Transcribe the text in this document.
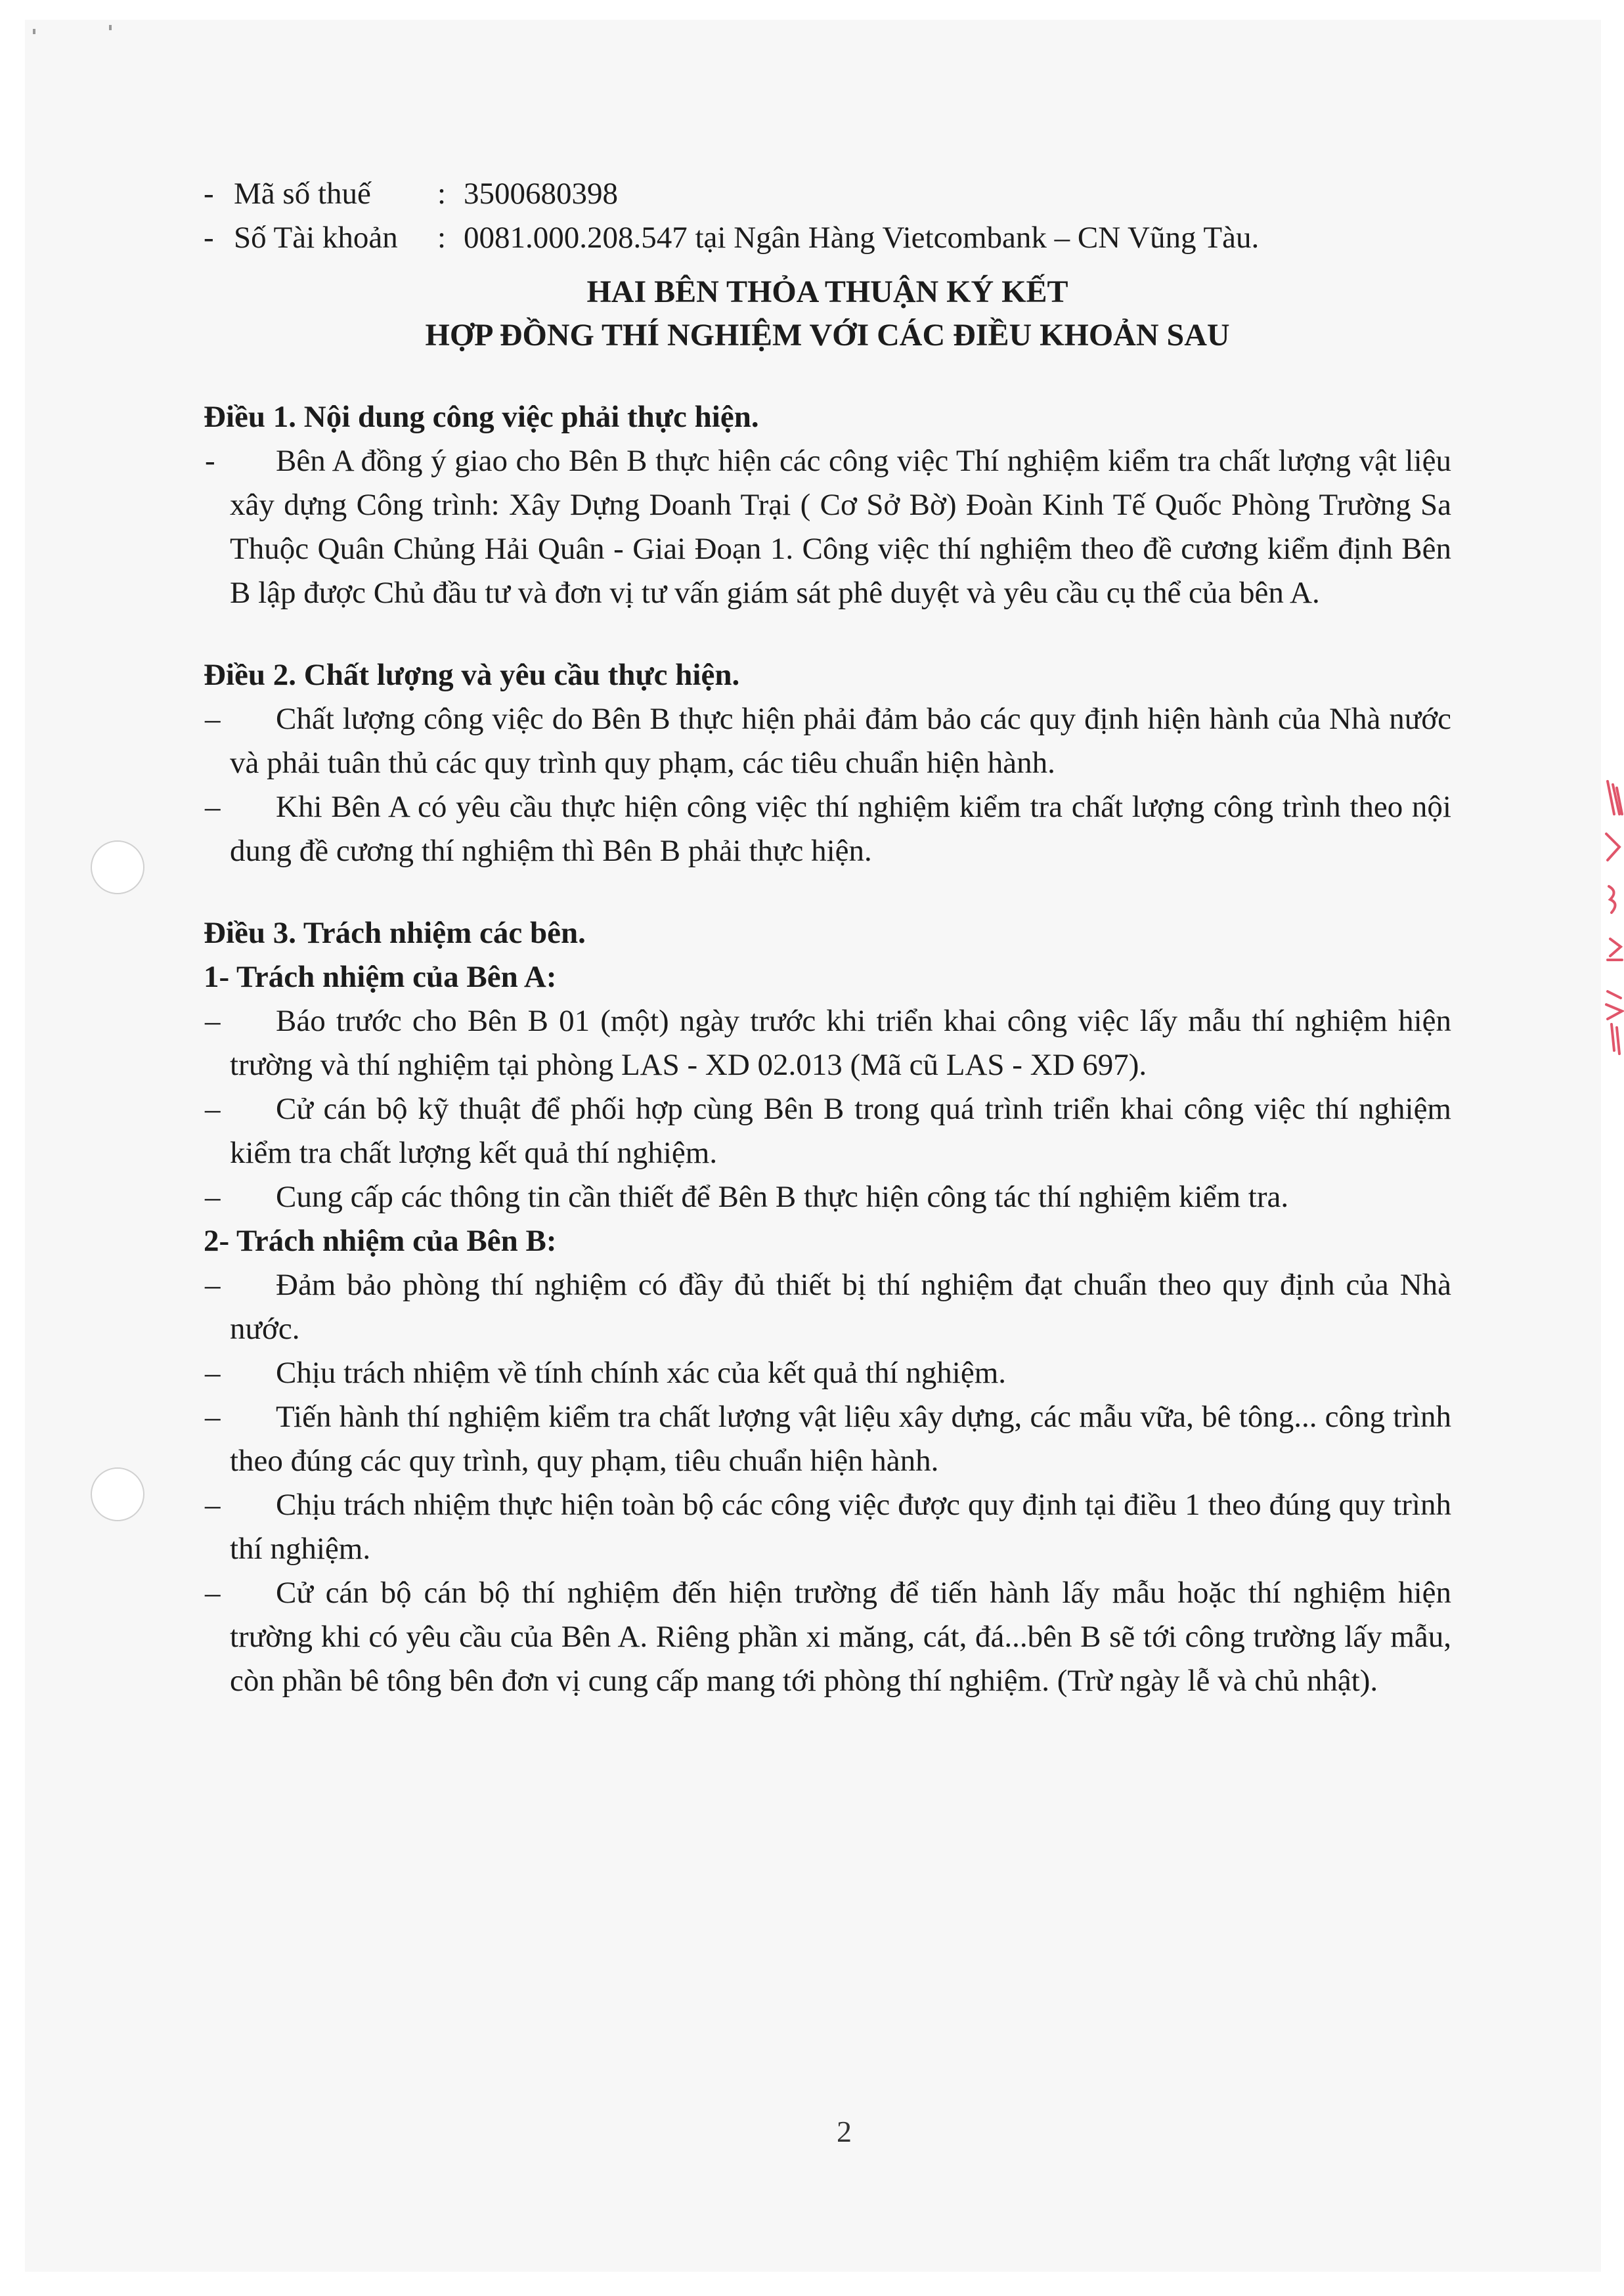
2
- Mã số thuế	: 3500680398
- Số Tài khoản	: 0081.000.208.547 tại Ngân Hàng Vietcombank – CN Vũng Tàu.
HAI BÊN THỎA THUẬN KÝ KẾT
HỢP ĐỒNG THÍ NGHIỆM VỚI CÁC ĐIỀU KHOẢN SAU
Điều 1. Nội dung công việc phải thực hiện.
-	Bên A đồng ý giao cho Bên B thực hiện các công việc Thí nghiệm kiểm tra chất lượng vật liệu xây dựng Công trình: Xây Dựng Doanh Trại ( Cơ Sở Bờ) Đoàn Kinh Tế Quốc Phòng Trường Sa Thuộc Quân Chủng Hải Quân - Giai Đoạn 1. Công việc thí nghiệm theo đề cương kiểm định Bên B lập được Chủ đầu tư và đơn vị tư vấn giám sát phê duyệt và yêu cầu cụ thể của bên A.
Điều 2. Chất lượng và yêu cầu thực hiện.
–	Chất lượng công việc do Bên B thực hiện phải đảm bảo các quy định hiện hành của Nhà nước và phải tuân thủ các quy trình quy phạm, các tiêu chuẩn hiện hành.
–	Khi Bên A có yêu cầu thực hiện công việc thí nghiệm kiểm tra chất lượng công trình theo nội dung đề cương thí nghiệm thì Bên B phải thực hiện.
Điều 3. Trách nhiệm các bên.
1- Trách nhiệm của Bên A:
–	Báo trước cho Bên B 01 (một) ngày trước khi triển khai công việc lấy mẫu thí nghiệm hiện trường và thí nghiệm tại phòng LAS - XD 02.013 (Mã cũ LAS - XD 697).
–	Cử cán bộ kỹ thuật để phối hợp cùng Bên B trong quá trình triển khai công việc thí nghiệm kiểm tra chất lượng kết quả thí nghiệm.
–	Cung cấp các thông tin cần thiết để Bên B thực hiện công tác thí nghiệm kiểm tra.
2- Trách nhiệm của Bên B:
–	Đảm bảo phòng thí nghiệm có đầy đủ thiết bị thí nghiệm đạt chuẩn theo quy định của Nhà nước.
–	Chịu trách nhiệm về tính chính xác của kết quả thí nghiệm.
–	Tiến hành thí nghiệm kiểm tra chất lượng vật liệu xây dựng, các mẫu vữa, bê tông... công trình theo đúng các quy trình, quy phạm, tiêu chuẩn hiện hành.
–	Chịu trách nhiệm thực hiện toàn bộ các công việc được quy định tại điều 1 theo đúng quy trình thí nghiệm.
–	Cử cán bộ cán bộ thí nghiệm đến hiện trường để tiến hành lấy mẫu hoặc thí nghiệm hiện trường khi có yêu cầu của Bên A. Riêng phần xi măng, cát, đá...bên B sẽ tới công trường lấy mẫu, còn phần bê tông bên đơn vị cung cấp mang tới phòng thí nghiệm. (Trừ ngày lễ và chủ nhật).
